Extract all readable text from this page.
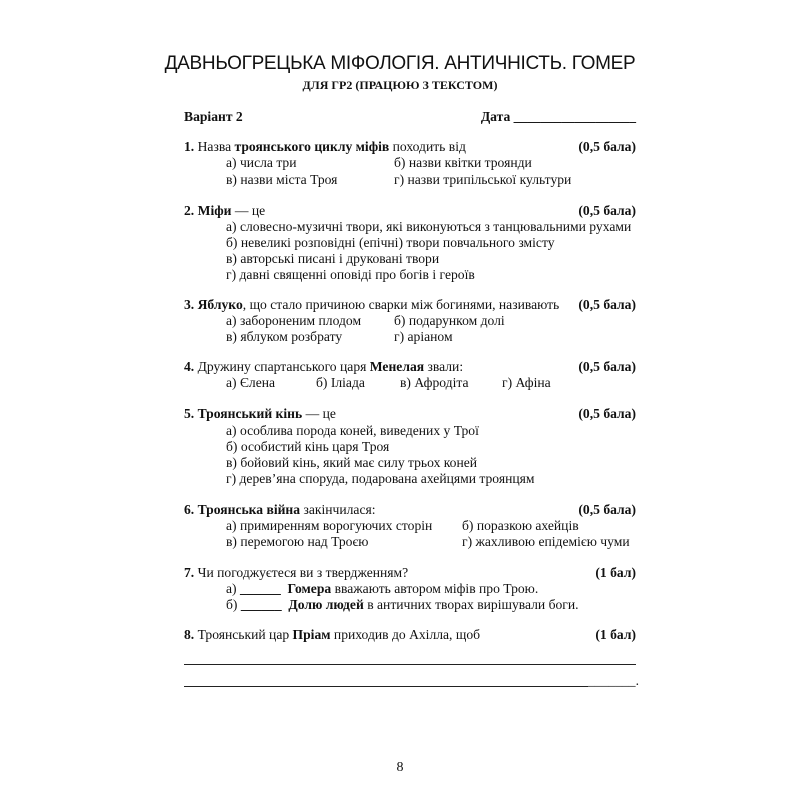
ДАВНЬОГРЕЦЬКА МІФОЛОГІЯ. АНТИЧНІСТЬ. ГОМЕР
ДЛЯ ГР2 (ПРАЦЮЮ З ТЕКСТОМ)
Варіант 2	Дата __________________
1. Назва троянського циклу міфів походить від	(0,5 бала)
а) числа три	б) назви квітки троянди
в) назви міста Троя	г) назви трипільської культури
2. Міфи — це	(0,5 бала)
а) словесно-музичні твори, які виконуються з танцювальними рухами
б) невеликі розповідні (епічні) твори повчального змісту
в) авторські писані і друковані твори
г) давні священні оповіді про богів і героїв
3. Яблуко, що стало причиною сварки між богинями, називають (0,5 бала)
а) забороненим плодом б) подарунком долі
в) яблуком розбрату	г) аріаном
4. Дружину спартанського царя Менелая звали:	(0,5 бала)
а) Єлена	б) Іліада	в) Афродіта г) Афіна
5. Троянський кінь — це	(0,5 бала)
а) особлива порода коней, виведених у Трої
б) особистий кінь царя Троя
в) бойовий кінь, який має силу трьох коней
г) дерев’яна споруда, подарована ахейцями троянцям
6. Троянська війна закінчилася:	(0,5 бала)
а) примиренням ворогуючих сторін б) поразкою ахейців
в) перемогою над Троєю	г) жахливою епідемією чуми
7. Чи погоджуєтеся ви з твердженням?	(1 бал)
а) ______ Гомера вважають автором міфів про Трою.
б) ______ Долю людей в античних творах вирішували боги.
8. Троянський цар Пріам приходив до Ахілла, щоб	(1 бал)
_______.
8
